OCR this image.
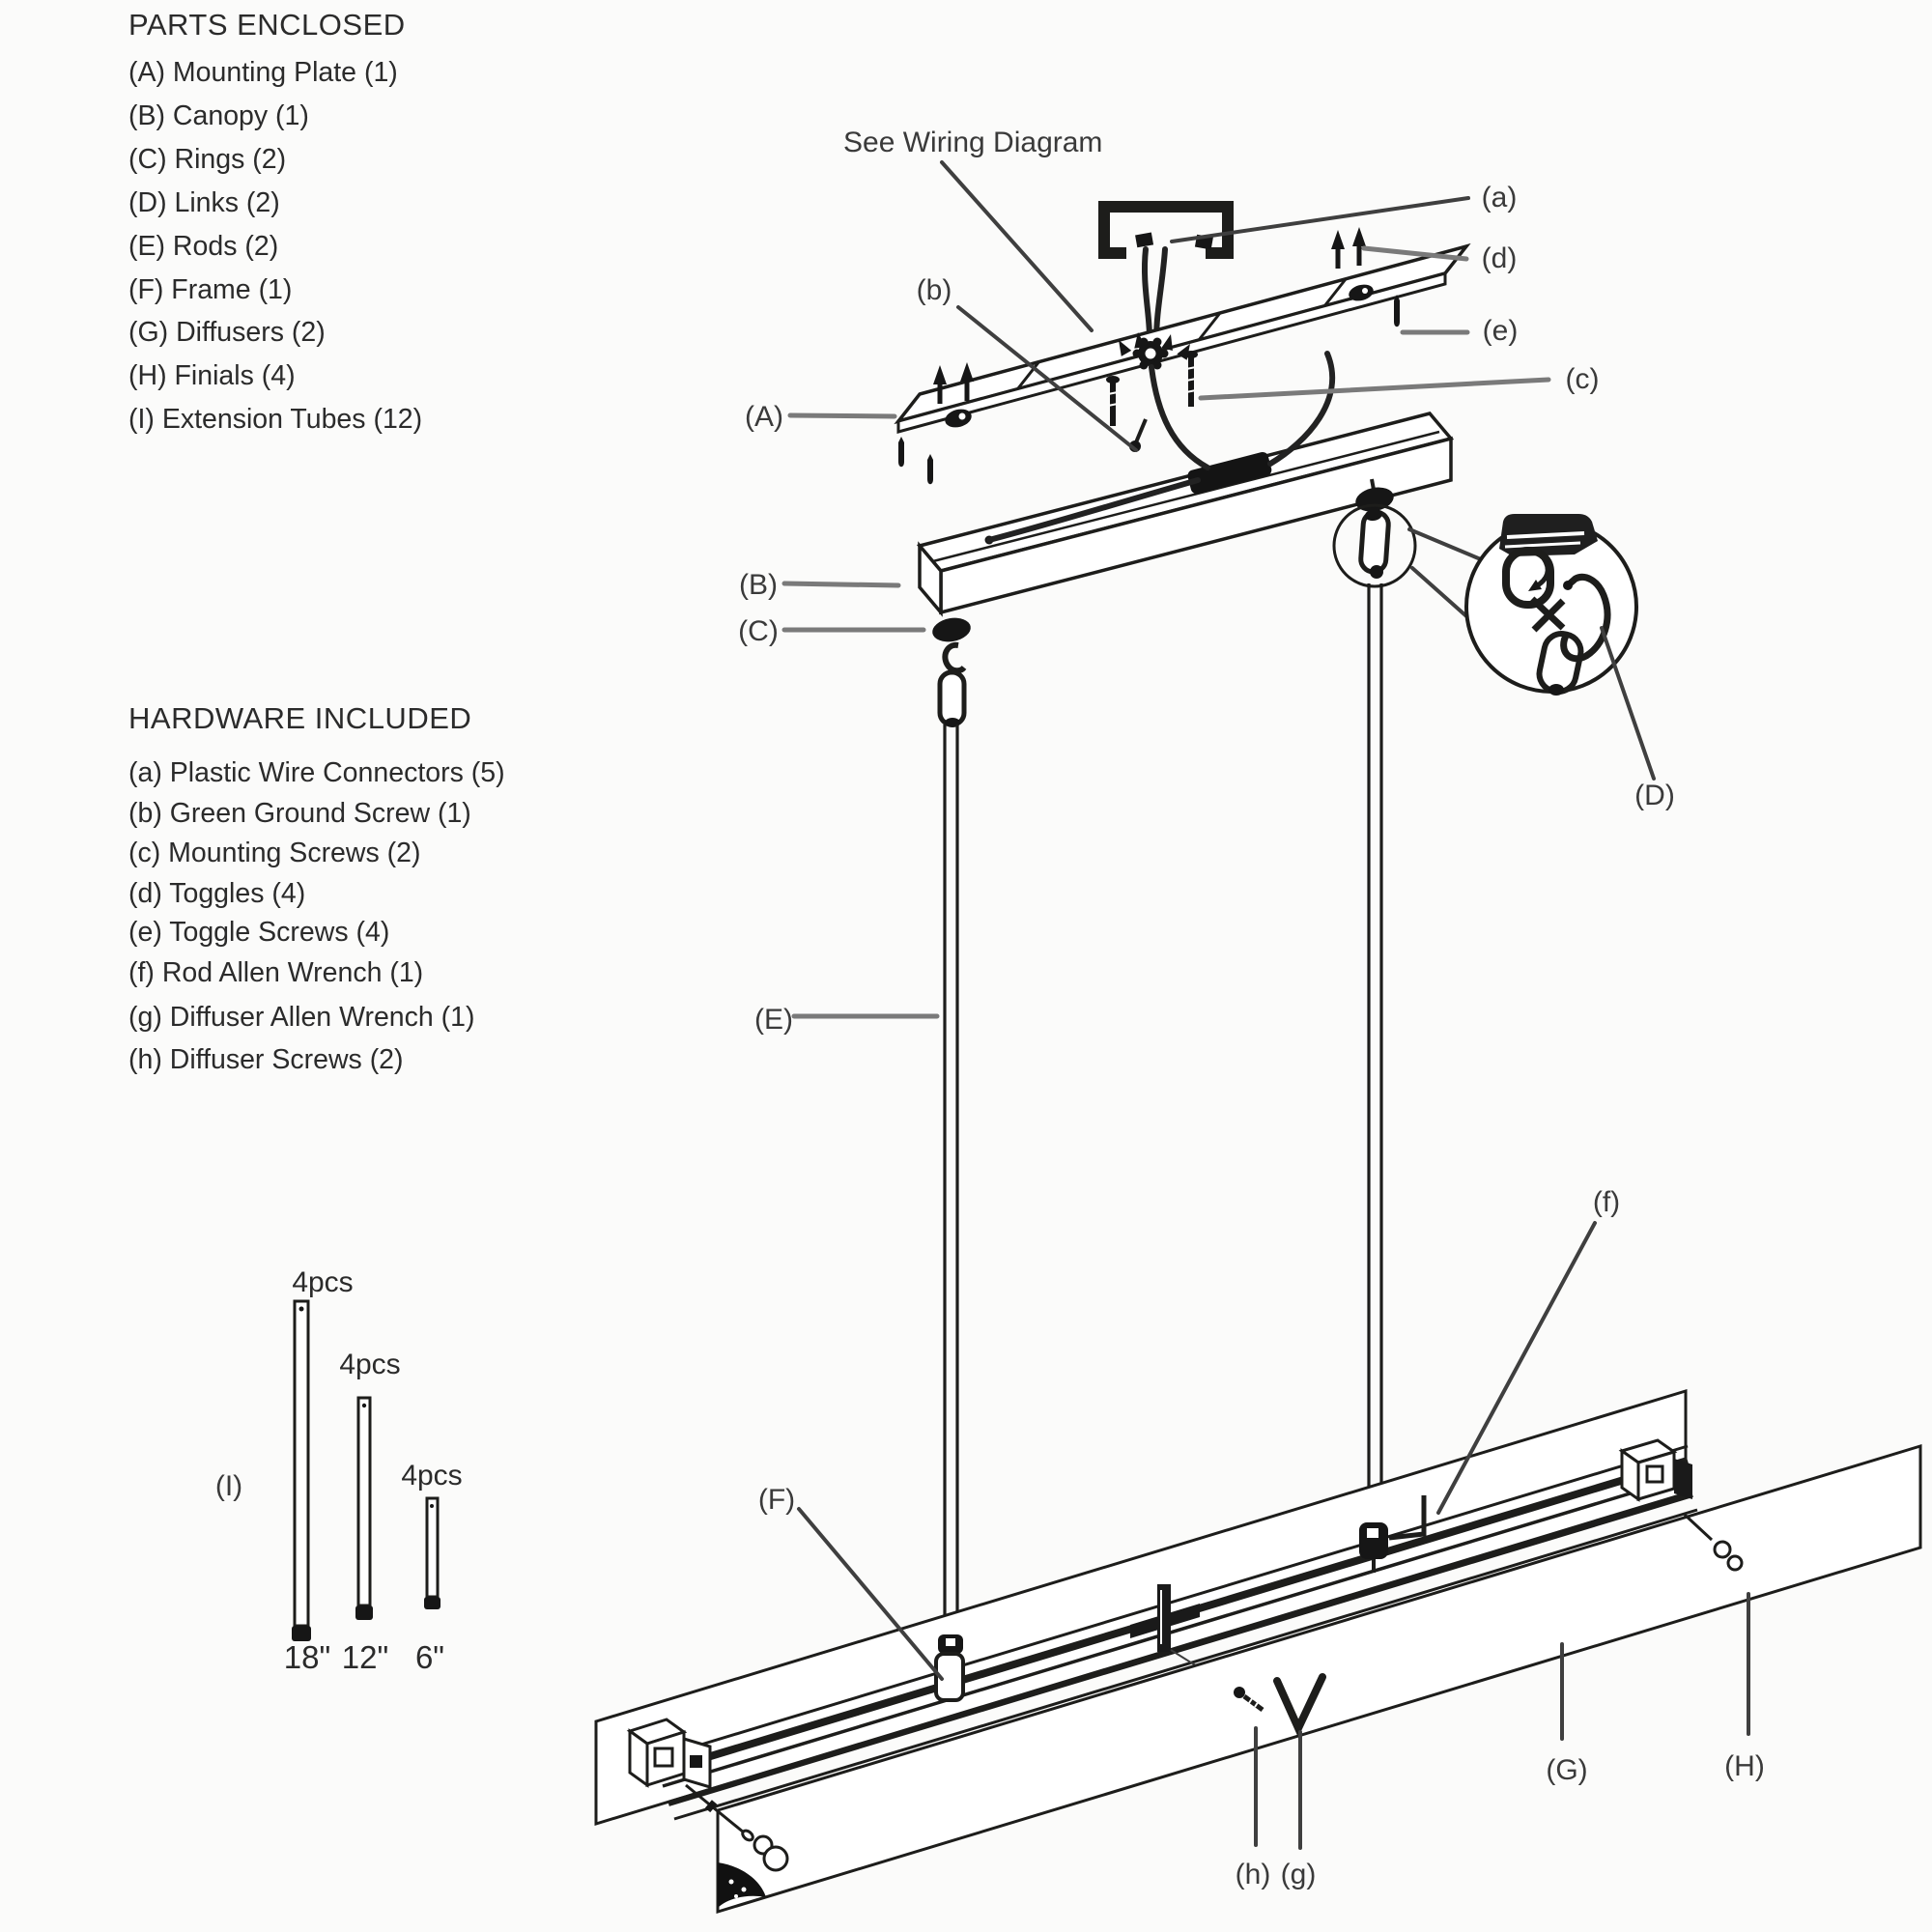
PARTS ENCLOSED
(A) Mounting Plate (1)
(B) Canopy (1)
(C) Rings (2)
(D) Links (2)
(E) Rods (2)
(F) Frame (1)
(G) Diffusers (2)
(H) Finials (4)
(I) Extension Tubes (12)
HARDWARE INCLUDED
(a) Plastic Wire Connectors (5)
(b) Green Ground Screw (1)
(c) Mounting Screws (2)
(d) Toggles (4)
(e) Toggle Screws (4)
(f) Rod Allen Wrench (1)
(g) Diffuser Allen Wrench (1)
(h) Diffuser Screws (2)
(I)
4pcs
18"
4pcs
12"
4pcs
6"
See Wiring Diagram
(a)
(d)
(e)
(c)
(b)
(A)
(B)
(C)
(D)
(E)
(F)
(f)
(G)	(H)
(h) (g)
